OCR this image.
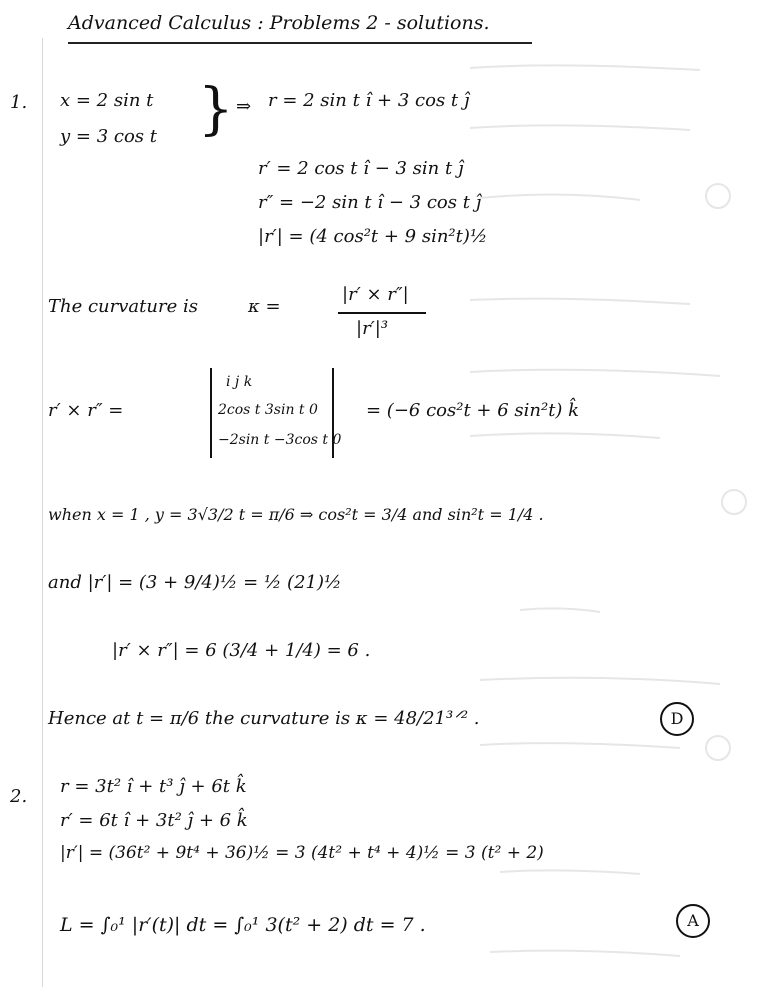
Advanced Calculus : Problems 2 - solutions.
1. x = 2 sin t
y = 3 cos t } ⇒ r = 2 sin t î + 3 cos t ĵ
r′ = 2 cos t î − 3 sin t ĵ
r″ = −2 sin t î − 3 cos t ĵ
|r′| = (4 cos²t + 9 sin²t)½
The curvature is	κ =
|r′ × r″|
|r′|³
r′ × r″ =
i j k
2cos t 3sin t 0
−2sin t −3cos t 0
= (−6 cos²t + 6 sin²t) k̂
when x = 1 , y = 3√3/2 t = π/6 ⇒ cos²t = 3/4 and sin²t = 1/4 .
and |r′| = (3 + 9/4)½ = ½ (21)½
|r′ × r″| = 6 (3/4 + 1/4) = 6 .
Hence at t = π/6 the curvature is κ = 48/21³ᐟ² .	D
2. r = 3t² î + t³ ĵ + 6t k̂
r′ = 6t î + 3t² ĵ + 6 k̂
|r′| = (36t² + 9t⁴ + 36)½ = 3 (4t² + t⁴ + 4)½ = 3 (t² + 2)
L = ∫₀¹ |r′(t)| dt = ∫₀¹ 3(t² + 2) dt = 7 .	A
